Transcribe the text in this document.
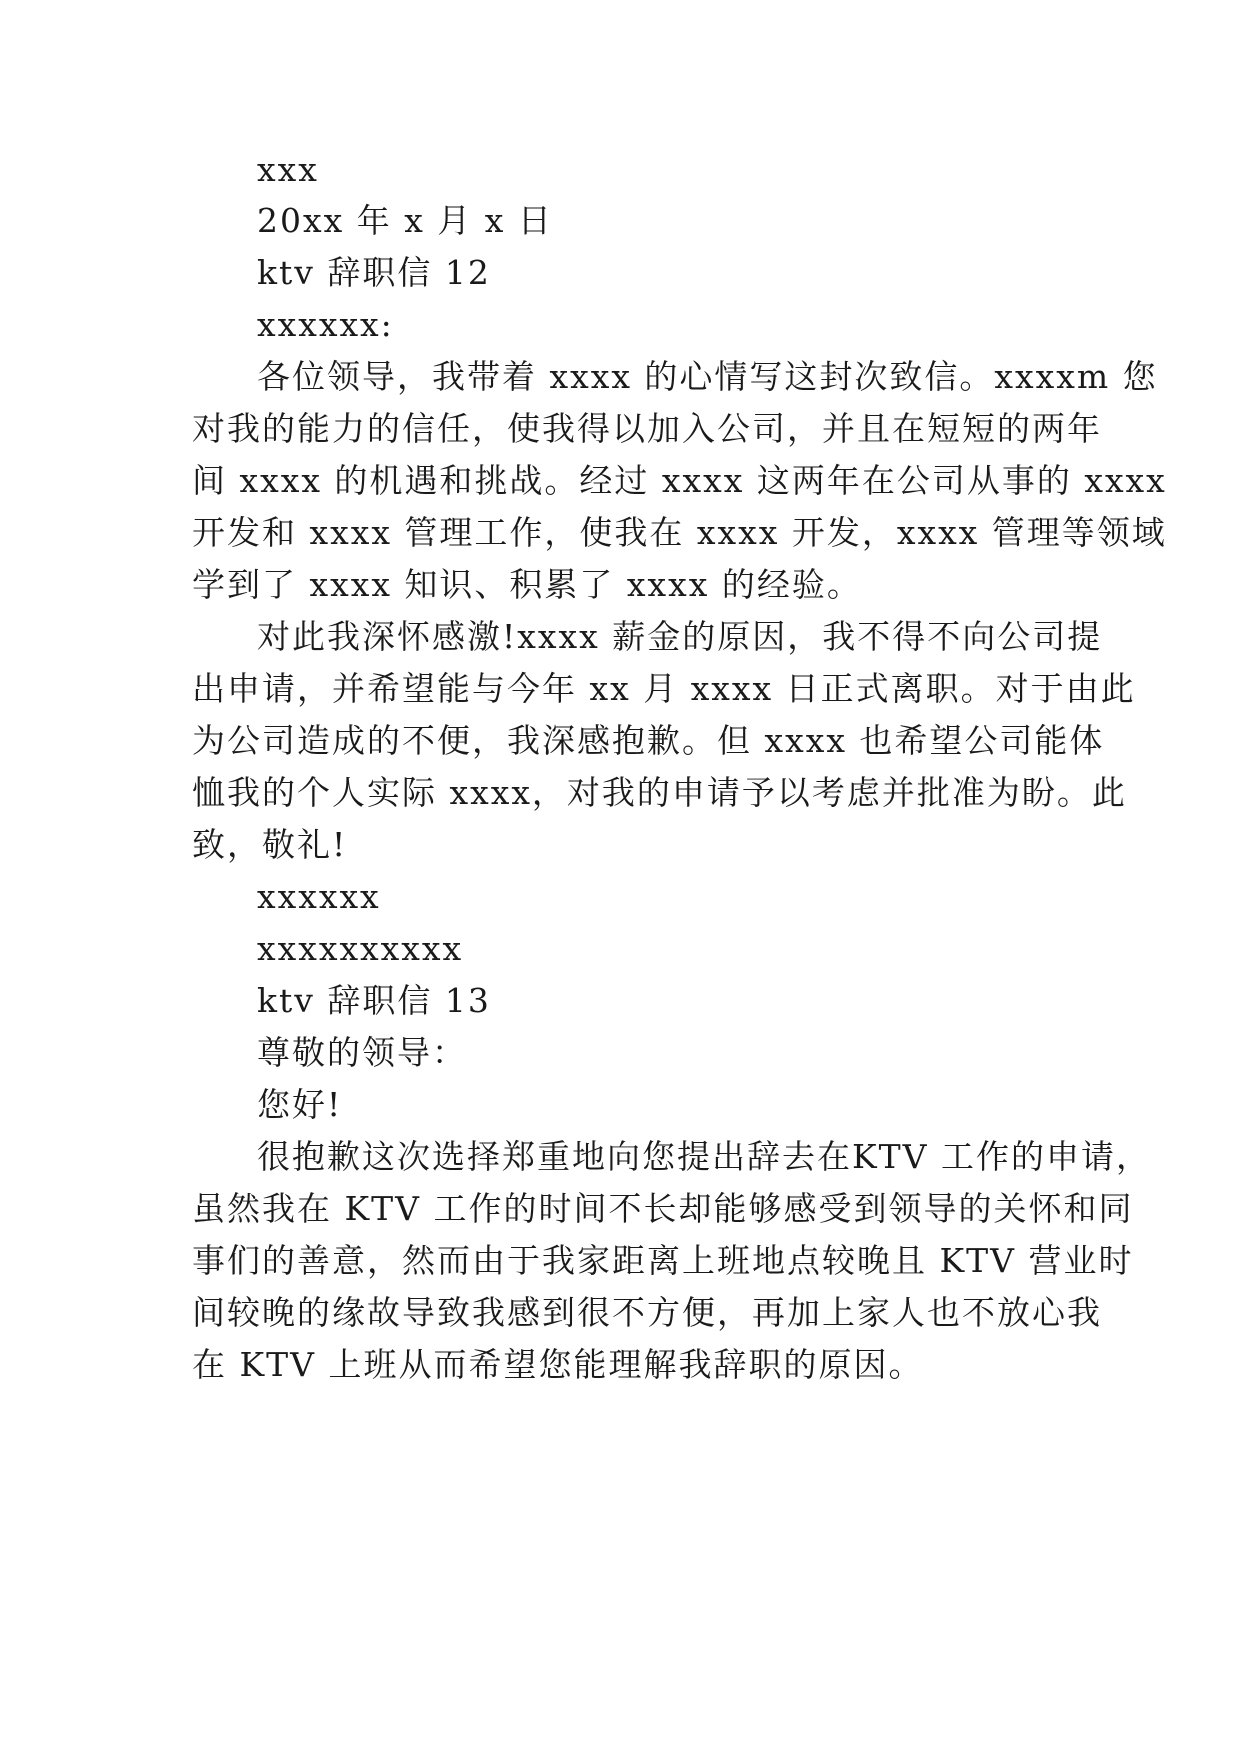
xxx
20xx 年 x 月 x 日
ktv 辞职信 12
xxxxxx:
各位领导，我带着 xxxx 的心情写这封次致信。xxxxm 您
对我的能力的信任，使我得以加入公司，并且在短短的两年
间 xxxx 的机遇和挑战。经过 xxxx 这两年在公司从事的 xxxx
开发和 xxxx 管理工作，使我在 xxxx 开发，xxxx 管理等领域
学到了 xxxx 知识、积累了 xxxx 的经验。
对此我深怀感激!xxxx 薪金的原因，我不得不向公司提
出申请，并希望能与今年 xx 月 xxxx 日正式离职。对于由此
为公司造成的不便，我深感抱歉。但 xxxx 也希望公司能体
恤我的个人实际 xxxx，对我的申请予以考虑并批准为盼。此
致，敬礼!
xxxxxx
xxxxxxxxxx
ktv 辞职信 13
尊敬的领导：
您好!
很抱歉这次选择郑重地向您提出辞去在KTV 工作的申请，
虽然我在 KTV 工作的时间不长却能够感受到领导的关怀和同
事们的善意，然而由于我家距离上班地点较晚且 KTV 营业时
间较晚的缘故导致我感到很不方便，再加上家人也不放心我
在 KTV 上班从而希望您能理解我辞职的原因。
